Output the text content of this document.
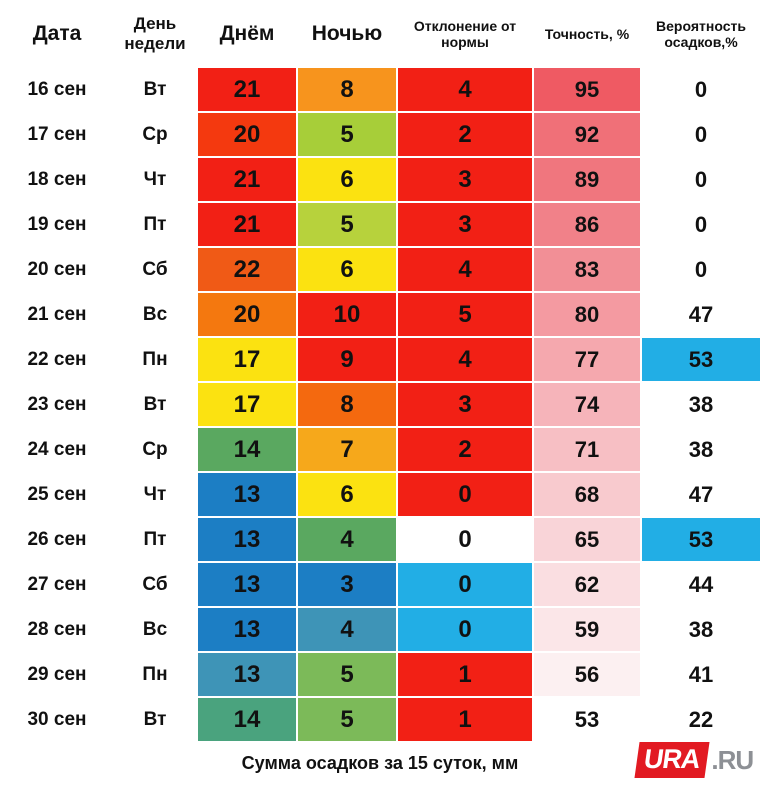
Дата	День недели	Днём	Ночью	Отклонение от нормы	Точность, %	Вероятность осадков,%
16 сен	Вт	21	8	4	95	0
17 сен	Ср	20	5	2	92	0
18 сен	Чт	21	6	3	89	0
19 сен	Пт	21	5	3	86	0
20 сен	Сб	22	6	4	83	0
21 сен	Вс	20	10	5	80	47
22 сен	Пн	17	9	4	77	53
23 сен	Вт	17	8	3	74	38
24 сен	Ср	14	7	2	71	38
25 сен	Чт	13	6	0	68	47
26 сен	Пт	13	4	0	65	53
27 сен	Сб	13	3	0	62	44
28 сен	Вс	13	4	0	59	38
29 сен	Пн	13	5	1	56	41
30 сен	Вт	14	5	1	53	22
Сумма осадков за 15 суток, мм	URA .RU
